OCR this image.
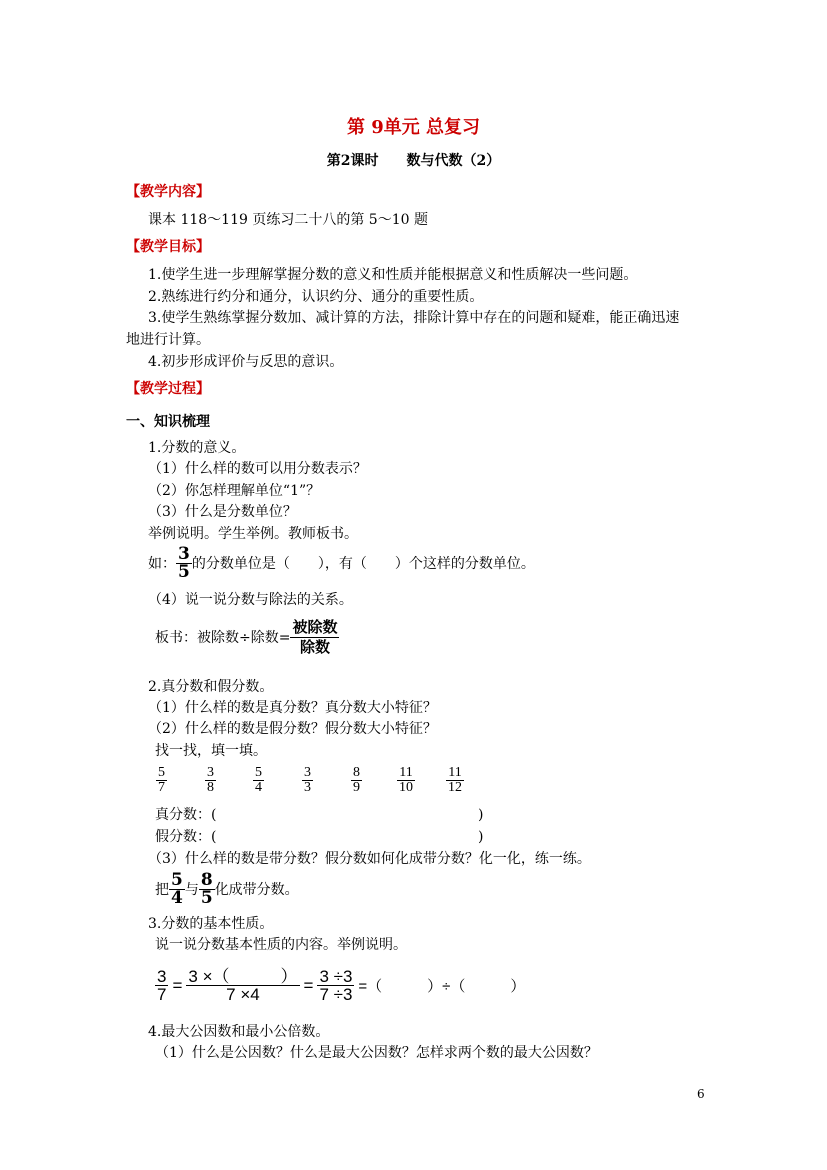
第 9单元 总复习
第2课时　　数与代数（2）
【教学内容】
课本 118～119 页练习二十八的第 5～10 题
【教学目标】
1.使学生进一步理解掌握分数的意义和性质并能根据意义和性质解决一些问题。
2.熟练进行约分和通分，认识约分、通分的重要性质。
3.使学生熟练掌握分数加、减计算的方法，排除计算中存在的问题和疑难，能正确迅速
地进行计算。
4.初步形成评价与反思的意识。
【教学过程】
一、知识梳理
1.分数的意义。
（1）什么样的数可以用分数表示？
（2）你怎样理解单位“1”？
（3）什么是分数单位？
举例说明。学生举例。教师板书。
如： $\frac{3}{5}$ 的分数单位是（　　），有（　　）个这样的分数单位。
（4）说一说分数与除法的关系。
板书：被除数÷除数= $\frac{\text{被除数}}{\text{除数}}$
2.真分数和假分数。
（1）什么样的数是真分数？真分数大小特征？
（2）什么样的数是假分数？假分数大小特征？
找一找，填一填。
$\frac{5}{7}$	$\frac{3}{8}$	$\frac{5}{4}$	$\frac{3}{3}$	$\frac{8}{9}$	$\frac{11}{10} \frac{11}{12}$
真分数：(	)
假分数：(	)
（3）什么样的数是带分数？假分数如何化成带分数？化一化，练一练。
把 $\frac{5}{4}$ 与 $\frac{8}{5}$ 化成带分数。
3.分数的基本性质。
说一说分数基本性质的内容。举例说明。
$\frac{3}{7} = \frac{3 \times( )}{7 \times 4} = \frac{3 \div 3}{7 \div 3}$ =（　　　）÷（　　　）
4.最大公因数和最小公倍数。
（1）什么是公因数？什么是最大公因数？怎样求两个数的最大公因数？
6
